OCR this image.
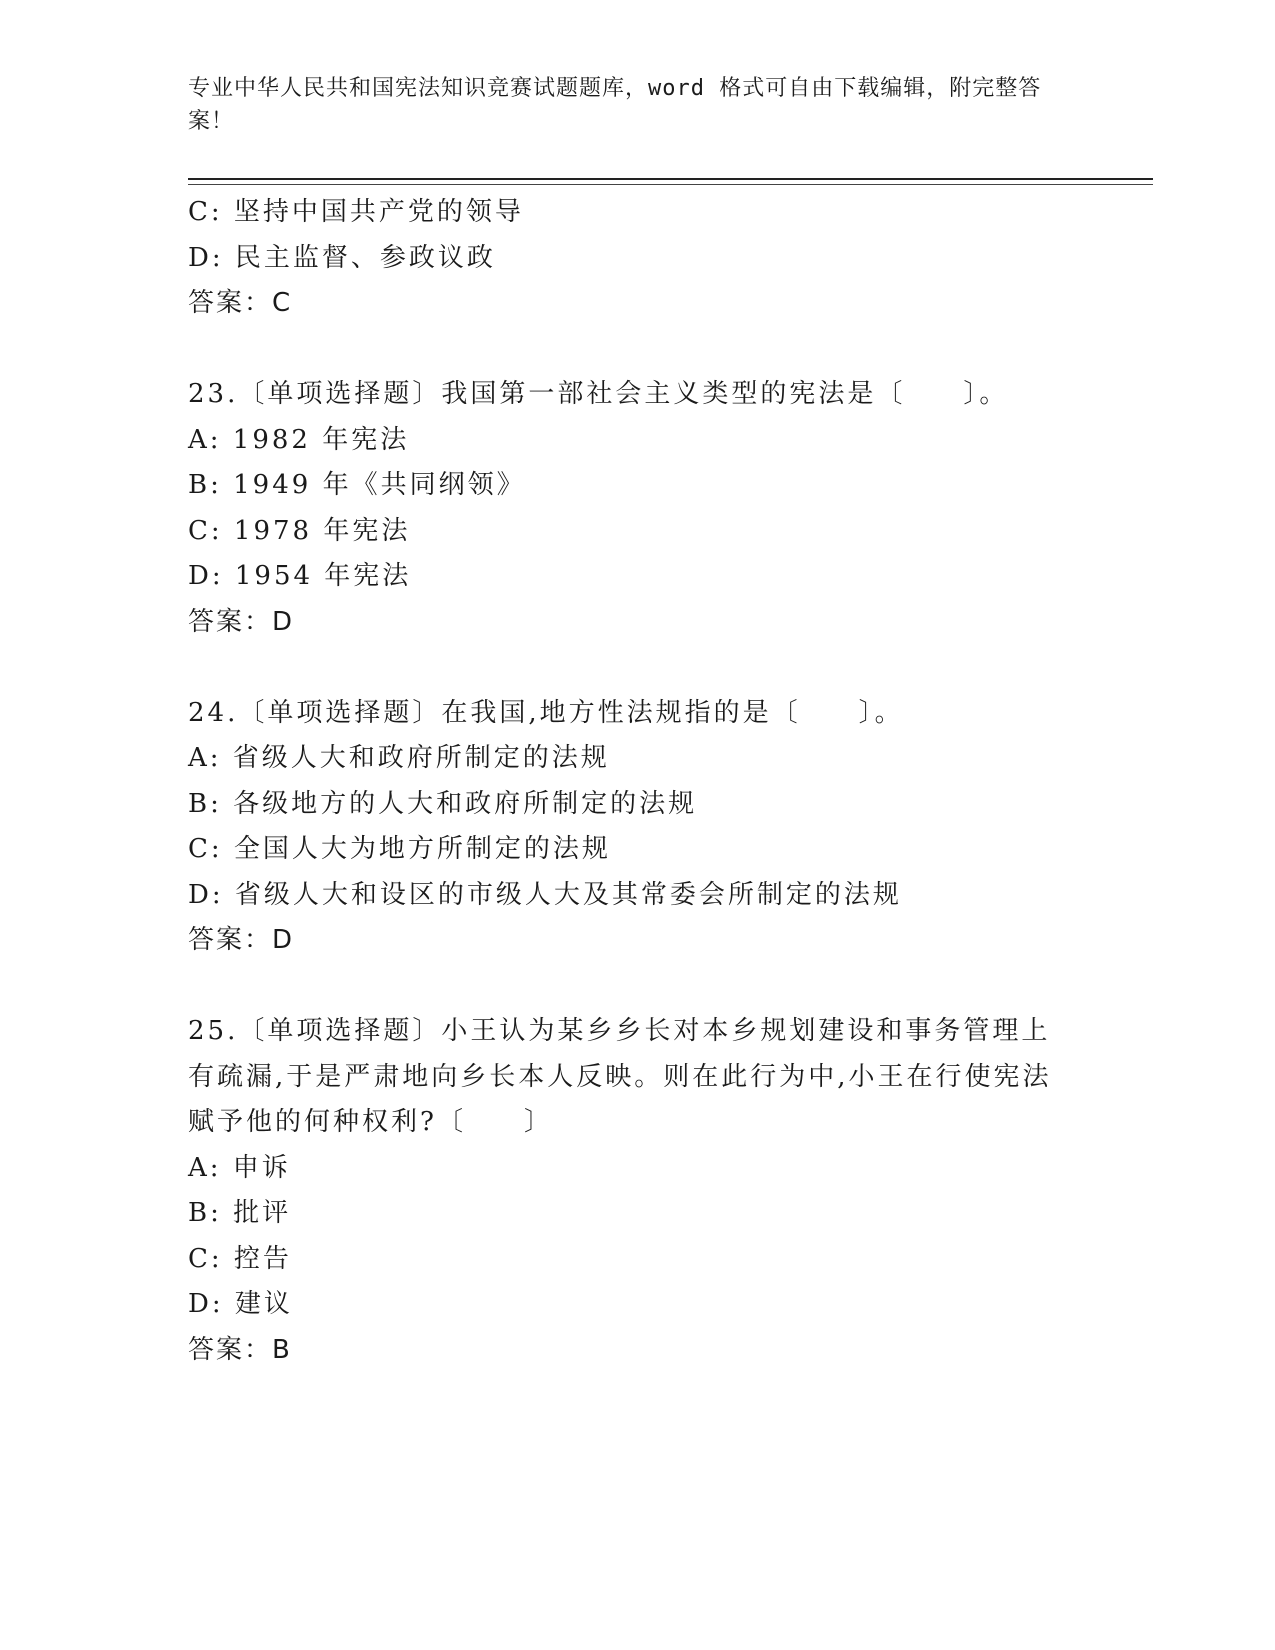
专业中华人民共和国宪法知识竞赛试题题库，word 格式可自由下载编辑，附完整答案！
C: 坚持中国共产党的领导
D: 民主监督、参政议政
答案：C
23.〔单项选择题〕我国第一部社会主义类型的宪法是〔　　〕。
A: 1982 年宪法
B: 1949 年《共同纲领》
C: 1978 年宪法
D: 1954 年宪法
答案：D
24.〔单项选择题〕在我国,地方性法规指的是〔　　〕。
A: 省级人大和政府所制定的法规
B: 各级地方的人大和政府所制定的法规
C: 全国人大为地方所制定的法规
D: 省级人大和设区的市级人大及其常委会所制定的法规
答案：D
25.〔单项选择题〕小王认为某乡乡长对本乡规划建设和事务管理上有疏漏,于是严肃地向乡长本人反映。则在此行为中,小王在行使宪法赋予他的何种权利?〔　　〕
A: 申诉
B: 批评
C: 控告
D: 建议
答案：B
